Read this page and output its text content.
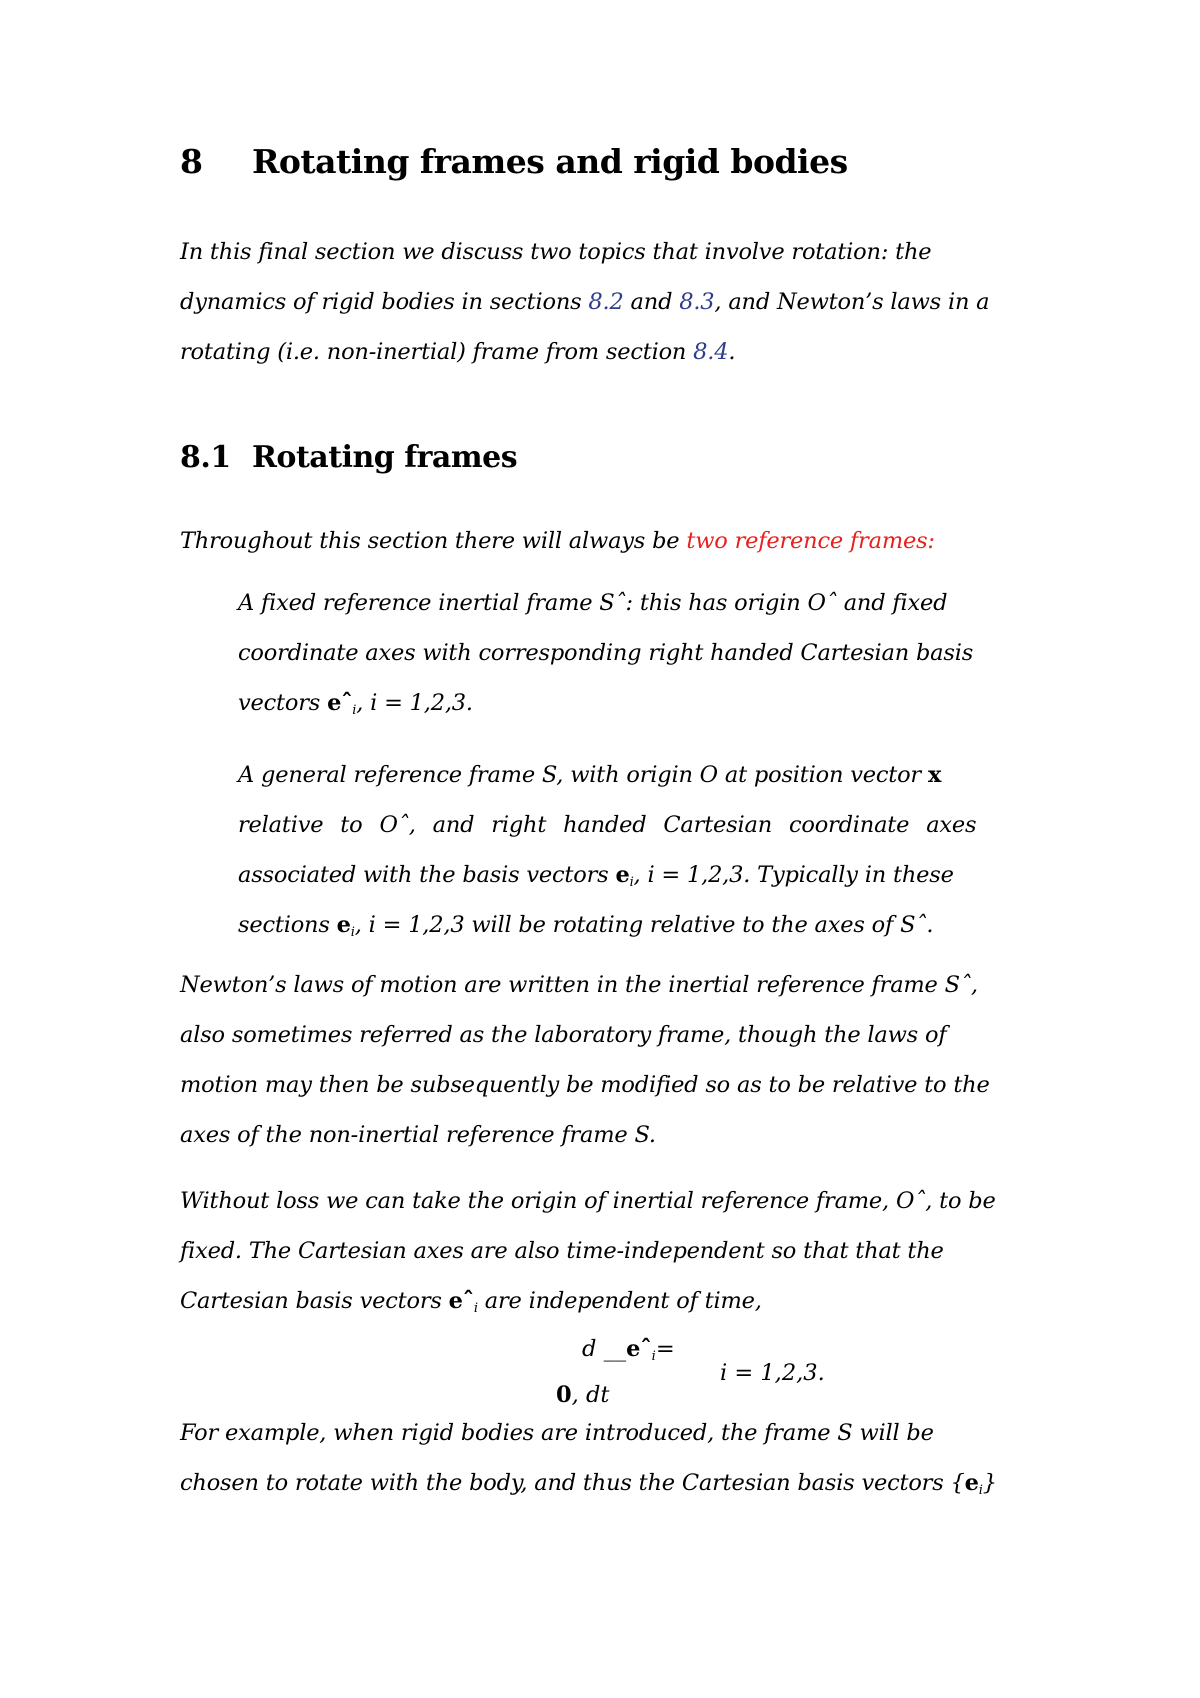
8 Rotating frames and rigid bodies

In this final section we discuss two topics that involve rotation: the
dynamics of rigid bodies in sections 8.2 and 8.3, and Newton’s laws in a
rotating (i.e. non-inertial) frame from section 8.4.

8.1 Rotating frames

Throughout this section there will always be two reference frames:

A fixed reference inertial frame Sˆ: this has origin Oˆ and fixed
coordinate axes with corresponding right handed Cartesian basis
vectors eˆ$_i$, i = 1,2,3.

A general reference frame S, with origin O at position vector x
relative to Oˆ, and right handed Cartesian coordinate axes
associated with the basis vectors $e_i$, i = 1,2,3. Typically in these
sections $e_i$, i = 1,2,3 will be rotating relative to the axes of Sˆ.

Newton’s laws of motion are written in the inertial reference frame Sˆ,
also sometimes referred as the laboratory frame, though the laws of
motion may then be subsequently be modified so as to be relative to the
axes of the non-inertial reference frame S.

Without loss we can take the origin of inertial reference frame, Oˆ, to be
fixed. The Cartesian axes are also time-independent so that that the
Cartesian basis vectors eˆ$_i$ are independent of time,

d __eˆ$_i$=
0, dt
i = 1,2,3.

For example, when rigid bodies are introduced, the frame S will be
chosen to rotate with the body, and thus the Cartesian basis vectors $\{e_i\}$
